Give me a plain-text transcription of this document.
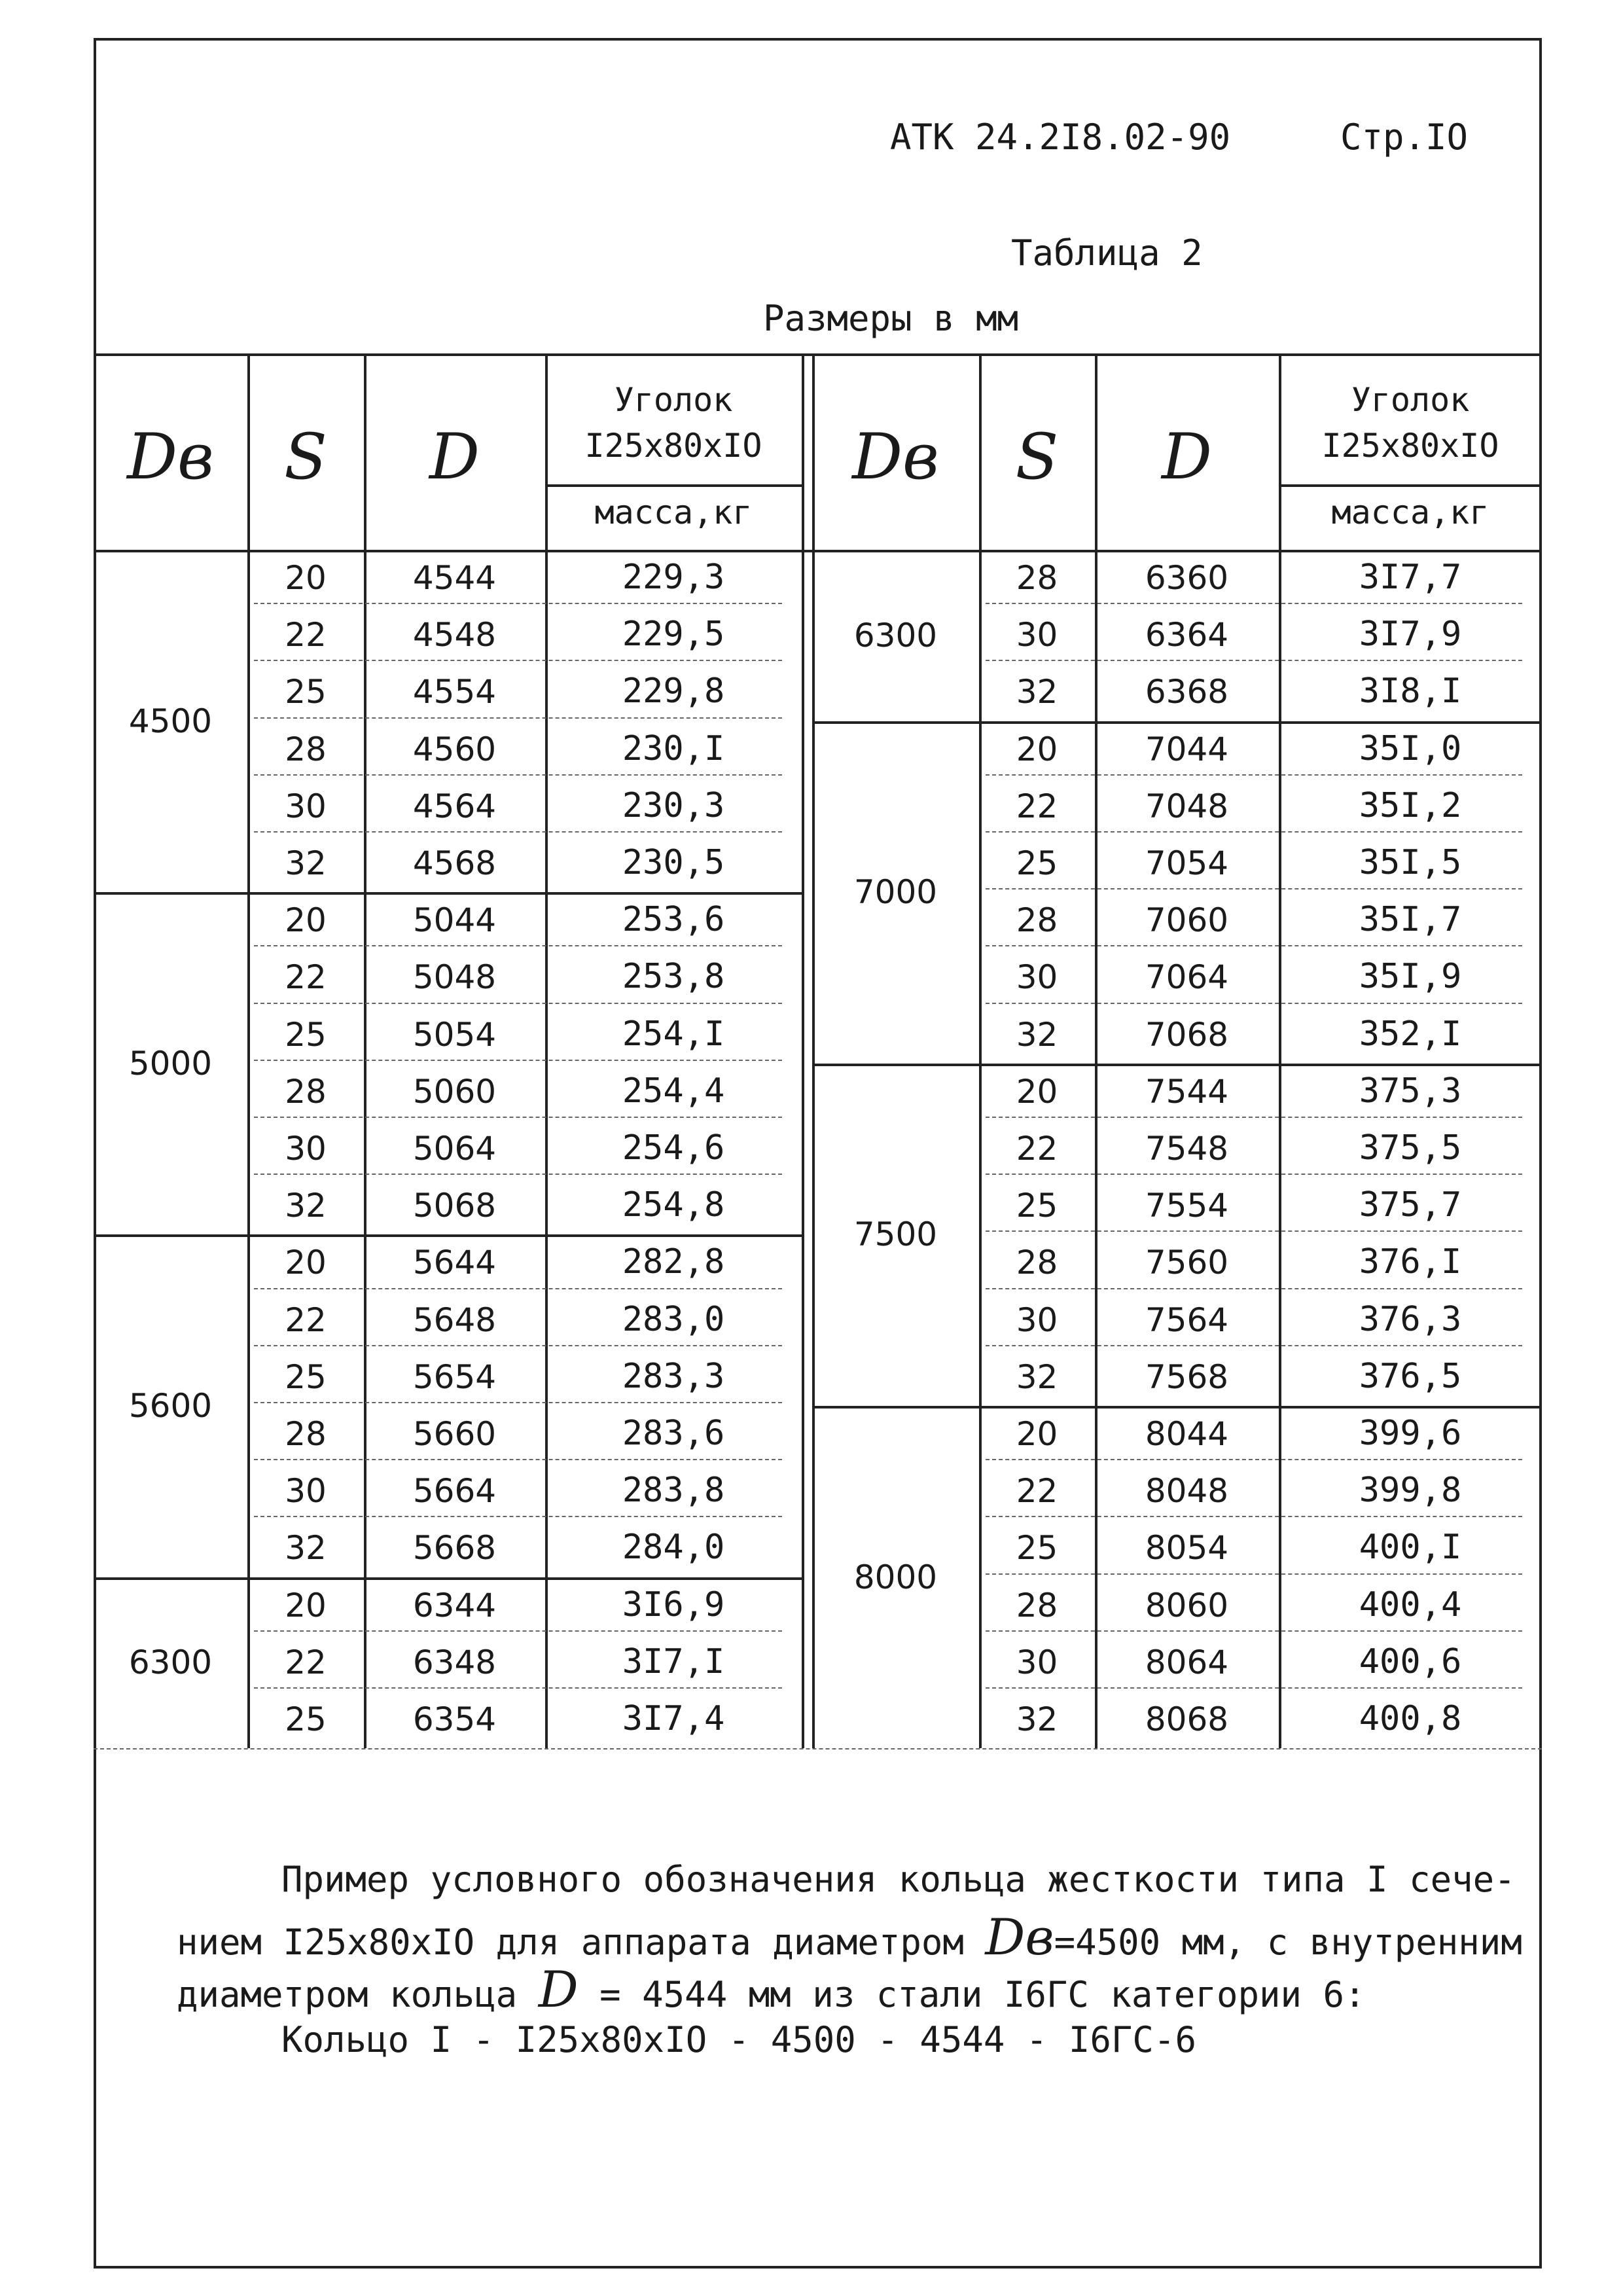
АТК 24.2I8.02-90	Стр.IO
Таблица 2
Размеры в мм
Dв	S	D
Уголок
I25x80xIO
масса,кг
Dв	S	D
Уголок
I25x80xIO
масса,кг
4500
20	4544	229,3
22	4548	229,5
25	4554	229,8
28	4560	230,I
30	4564	230,3
32	4568	230,5
5000
20	5044	253,6
22	5048	253,8
25	5054	254,I
28	5060	254,4
30	5064	254,6
32	5068	254,8
5600
20	5644	282,8
22	5648	283,0
25	5654	283,3
28	5660	283,6
30	5664	283,8
32	5668	284,0
6300
20	6344	3I6,9
22	6348	3I7,I
25	6354	3I7,4
6300
28	6360	3I7,7
30	6364	3I7,9
32	6368	3I8,I
7000
20	7044	35I,0
22	7048	35I,2
25	7054	35I,5
28	7060	35I,7
30	7064	35I,9
32	7068	352,I
7500
20	7544	375,3
22	7548	375,5
25	7554	375,7
28	7560	376,I
30	7564	376,3
32	7568	376,5
8000
20	8044	399,6
22	8048	399,8
25	8054	400,I
28	8060	400,4
30	8064	400,6
32	8068	400,8
Пример условного обозначения кольца жесткости типа I сече-
нием I25x80xIO для аппарата диаметром Dв=4500 мм, с внутренним
диаметром кольца D = 4544 мм из стали I6ГС категории 6:
Кольцо I - I25x80xIO - 4500 - 4544 - I6ГС-6
